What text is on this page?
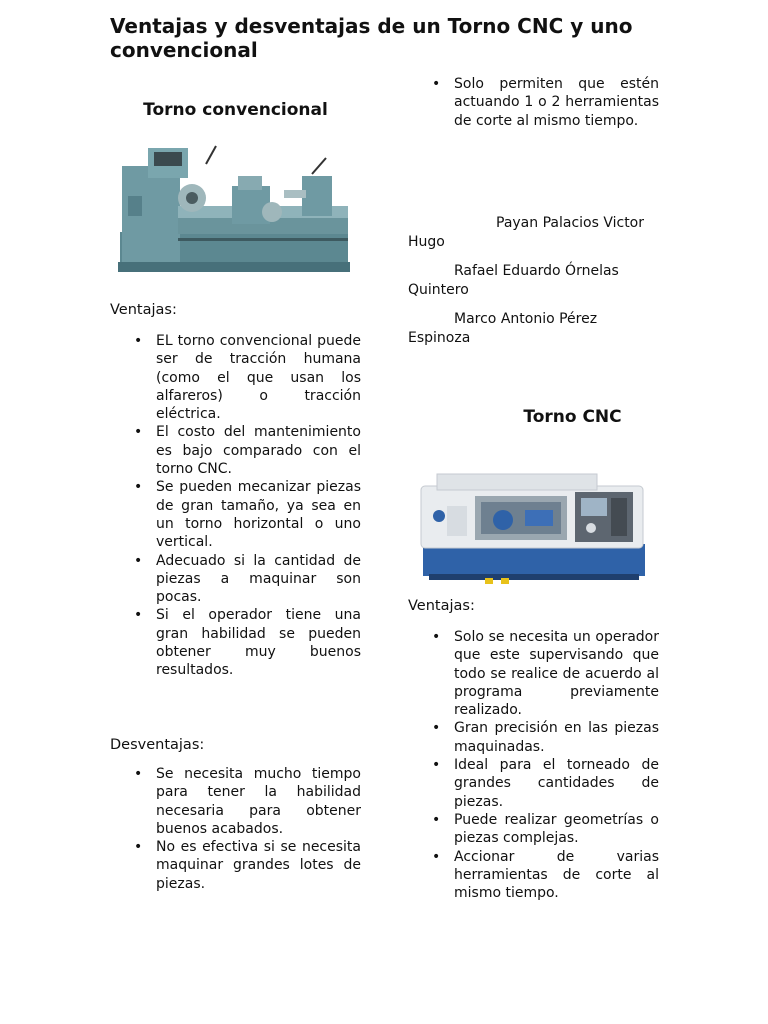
Ventajas y desventajas de un Torno CNC y uno convencional
Torno convencional
Ventajas:
• EL torno convencional puede ser de tracción humana (como el que usan los alfareros) o tracción eléctrica.
• El costo del mantenimiento es bajo comparado con el torno CNC.
• Se pueden mecanizar piezas de gran tamaño, ya sea en un torno horizontal o uno vertical.
• Adecuado si la cantidad de piezas a maquinar son pocas.
• Si el operador tiene una gran habilidad se pueden obtener muy buenos resultados.
Desventajas:
• Se necesita mucho tiempo para tener la habilidad necesaria para obtener buenos acabados.
• No es efectiva si se necesita maquinar grandes lotes de piezas.
• Solo permiten que estén actuando 1 o 2 herramientas de corte al mismo tiempo.

Payan Palacios Victor Hugo

Rafael Eduardo Órnelas Quintero

Marco Antonio Pérez Espinoza

Torno CNC
Ventajas:
• Solo se necesita un operador que este supervisando que todo se realice de acuerdo al programa previamente realizado.
• Gran precisión en las piezas maquinadas.
• Ideal para el torneado de grandes cantidades de piezas.
• Puede realizar geometrías o piezas complejas.
• Accionar de varias herramientas de corte al mismo tiempo.
